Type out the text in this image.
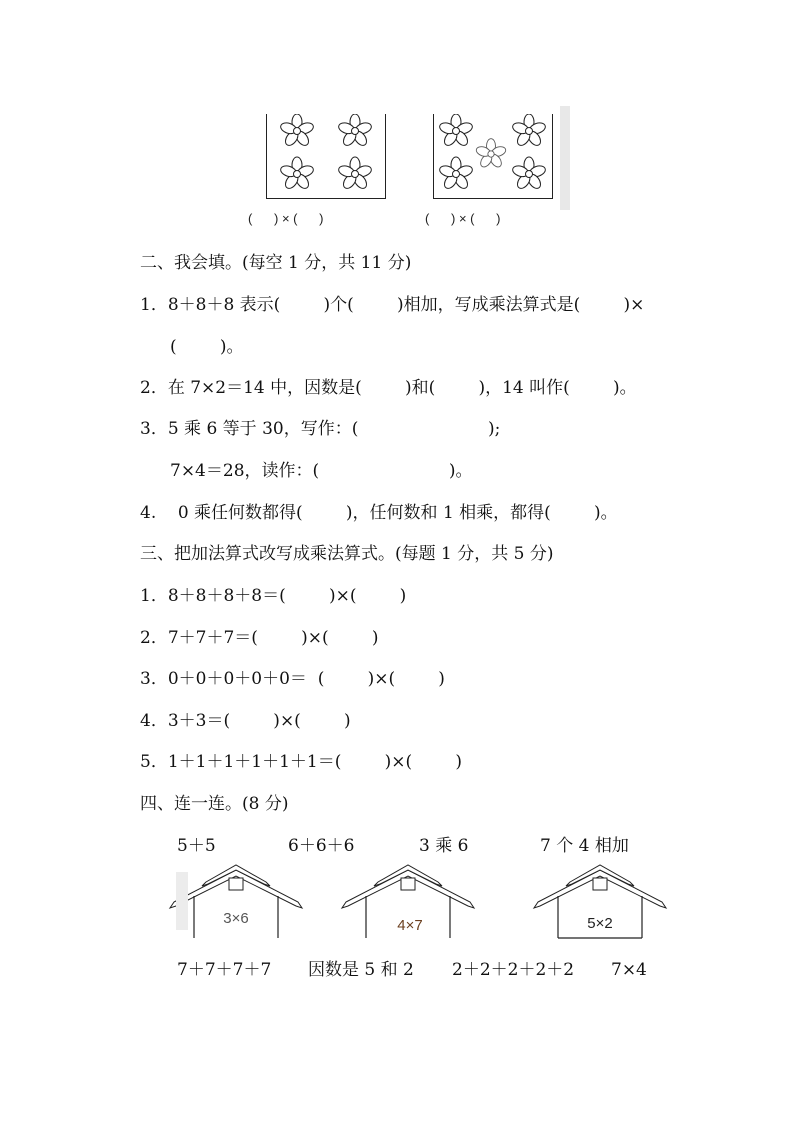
(      ) × (      )	(      ) × (      )
二、我会填。(每空 1 分，共 11 分)
1．8＋8＋8 表示(        )个(        )相加，写成乘法算式是(        )×
(        )。
2．在 7×2＝14 中，因数是(        )和(        )，14 叫作(        )。
3．5 乘 6 等于 30，写作：(                        );
7×4＝28，读作：(                        )。
4.    0 乘任何数都得(        )，任何数和 1 相乘，都得(        )。
三、把加法算式改写成乘法算式。(每题 1 分，共 5 分)
1．8＋8＋8＋8＝(        )×(        )
2．7＋7＋7＝(        )×(        )
3．0＋0＋0＋0＋0＝  (        )×(        )
4．3＋3＝(        )×(        )
5．1＋1＋1＋1＋1＋1＝(        )×(        )
四、连一连。(8 分)
5＋5	6＋6＋6	3 乘 6	7 个 4 相加
3×6	4×7	5×2
7＋7＋7＋7 因数是 5 和 2 2＋2＋2＋2＋2 7×4
